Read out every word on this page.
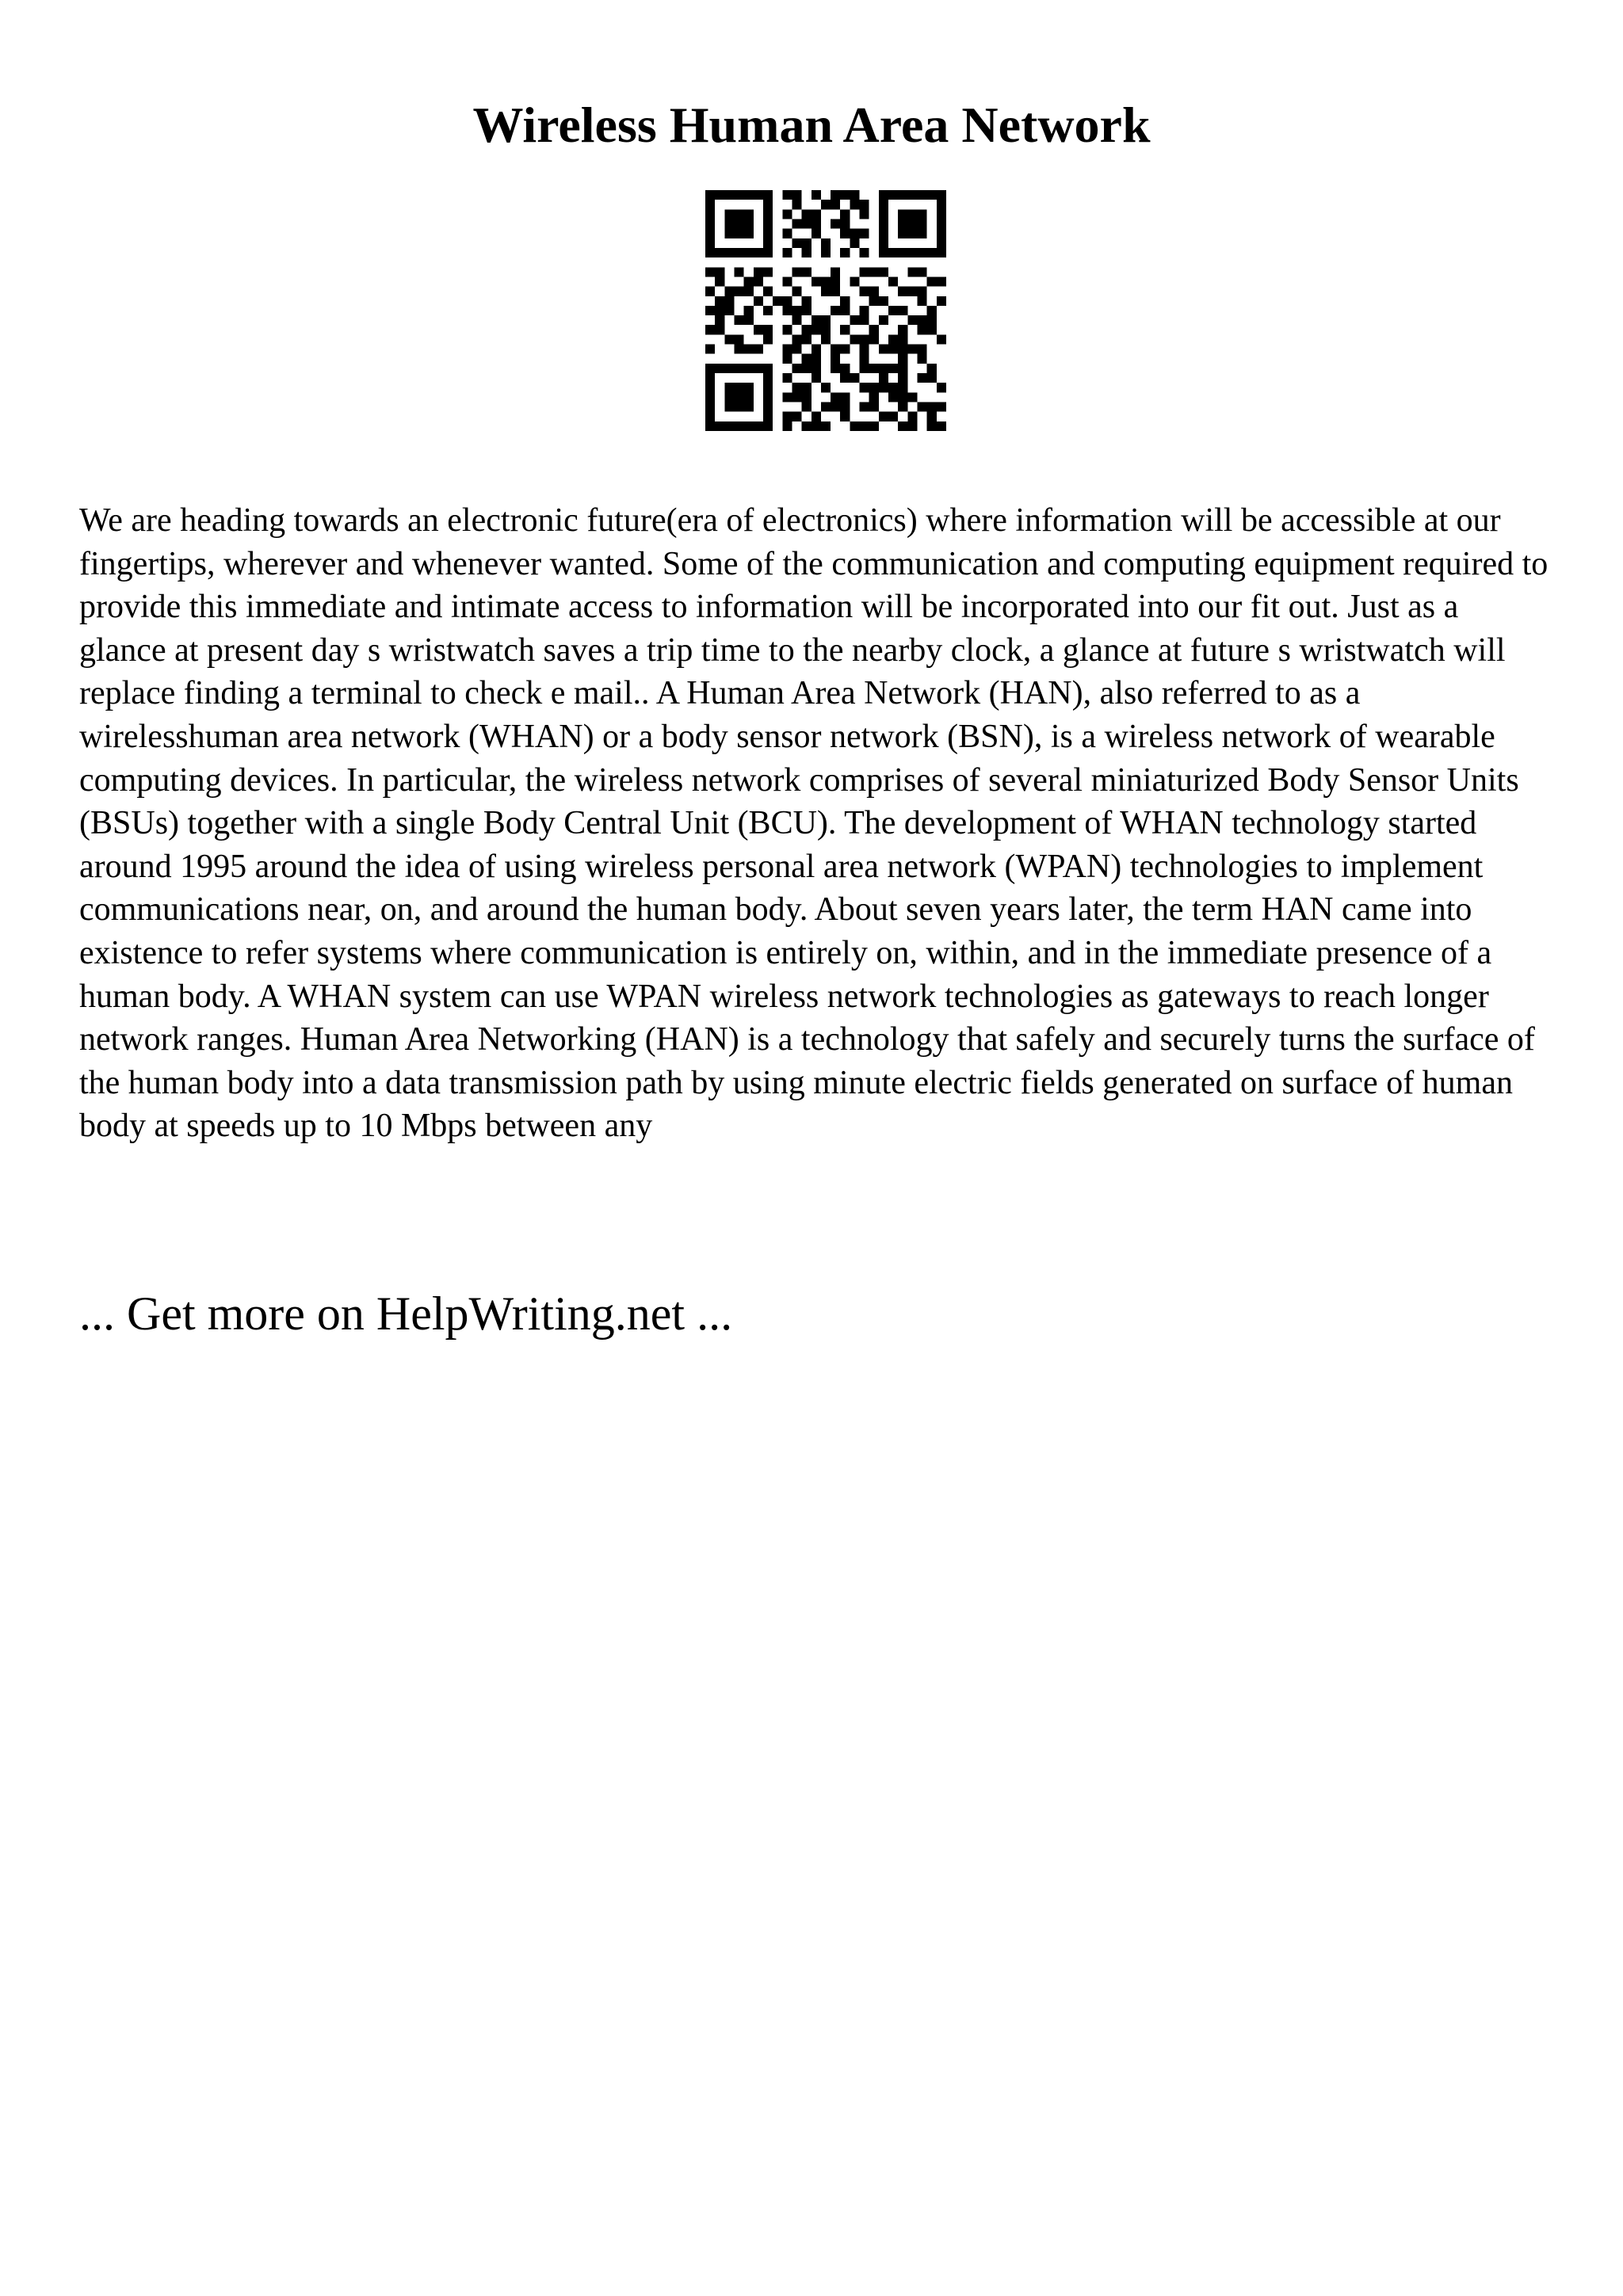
Wireless Human Area Network

We are heading towards an electronic future(era of electronics) where information will be accessible at our fingertips, wherever and whenever wanted. Some of the communication and computing equipment required to provide this immediate and intimate access to information will be incorporated into our fit out. Just as a glance at present day s wristwatch saves a trip time to the nearby clock, a glance at future s wristwatch will replace finding a terminal to check e mail.. A Human Area Network (HAN), also referred to as a wirelesshuman area network (WHAN) or a body sensor network (BSN), is a wireless network of wearable computing devices. In particular, the wireless network comprises of several miniaturized Body Sensor Units (BSUs) together with a single Body Central Unit (BCU). The development of WHAN technology started around 1995 around the idea of using wireless personal area network (WPAN) technologies to implement communications near, on, and around the human body. About seven years later, the term HAN came into existence to refer systems where communication is entirely on, within, and in the immediate presence of a human body. A WHAN system can use WPAN wireless network technologies as gateways to reach longer network ranges. Human Area Networking (HAN) is a technology that safely and securely turns the surface of the human body into a data transmission path by using minute electric fields generated on surface of human body at speeds up to 10 Mbps between any

... Get more on HelpWriting.net ...
